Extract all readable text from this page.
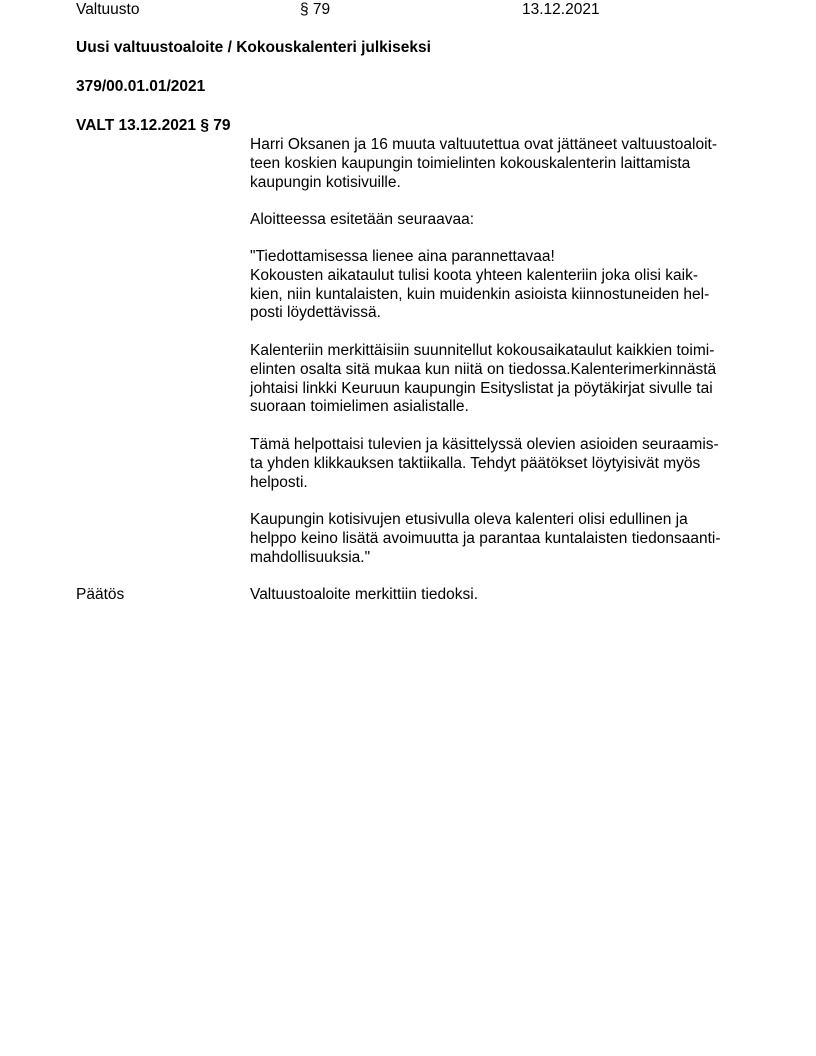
Valtuusto	§ 79	13.12.2021
Uusi valtuustoaloite / Kokouskalenteri julkiseksi
379/00.01.01/2021
VALT 13.12.2021 § 79

Harri Oksanen ja 16 muuta valtuutettua ovat jättäneet valtuustoaloit-
teen koskien kaupungin toimielinten kokouskalenterin laittamista
kaupungin kotisivuille.

Aloitteessa esitetään seuraavaa:

"Tiedottamisessa lienee aina parannettavaa!
Kokousten aikataulut tulisi koota yhteen kalenteriin joka olisi kaik-
kien, niin kuntalaisten, kuin muidenkin asioista kiinnostuneiden hel-
posti löydettävissä.

Kalenteriin merkittäisiin suunnitellut kokousaikataulut kaikkien toimi-
elinten osalta sitä mukaa kun niitä on tiedossa.Kalenterimerkinnästä
johtaisi linkki Keuruun kaupungin Esityslistat ja pöytäkirjat sivulle tai
suoraan toimielimen asialistalle.

Tämä helpottaisi tulevien ja käsittelyssä olevien asioiden seuraamis-
ta yhden klikkauksen taktiikalla. Tehdyt päätökset löytyisivät myös
helposti.

Kaupungin kotisivujen etusivulla oleva kalenteri olisi edullinen ja
helppo keino lisätä avoimuutta ja parantaa kuntalaisten tiedonsaanti-
mahdollisuuksia."

Päätös	Valtuustoaloite merkittiin tiedoksi.
